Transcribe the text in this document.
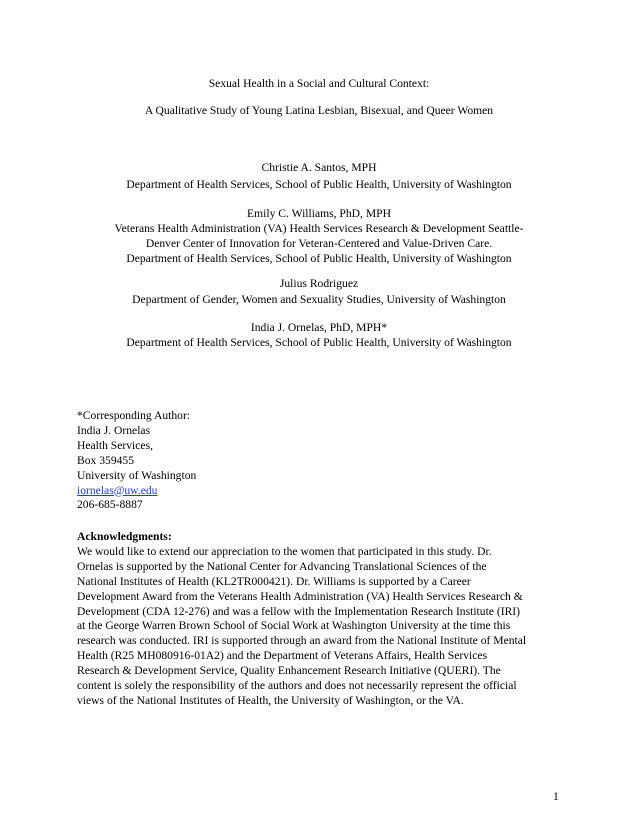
Sexual Health in a Social and Cultural Context:
A Qualitative Study of Young Latina Lesbian, Bisexual, and Queer Women
Christie A. Santos, MPH
Department of Health Services, School of Public Health, University of Washington
Emily C. Williams, PhD, MPH
Veterans Health Administration (VA) Health Services Research & Development Seattle-
Denver Center of Innovation for Veteran-Centered and Value-Driven Care.
Department of Health Services, School of Public Health, University of Washington
Julius Rodriguez
Department of Gender, Women and Sexuality Studies, University of Washington
India J. Ornelas, PhD, MPH*
Department of Health Services, School of Public Health, University of Washington
*Corresponding Author:
India J. Ornelas
Health Services,
Box 359455
University of Washington
iornelas@uw.edu
206-685-8887
Acknowledgments:
We would like to extend our appreciation to the women that participated in this study. Dr.
Ornelas is supported by the National Center for Advancing Translational Sciences of the
National Institutes of Health (KL2TR000421). Dr. Williams is supported by a Career
Development Award from the Veterans Health Administration (VA) Health Services Research &
Development (CDA 12-276) and was a fellow with the Implementation Research Institute (IRI)
at the George Warren Brown School of Social Work at Washington University at the time this
research was conducted. IRI is supported through an award from the National Institute of Mental
Health (R25 MH080916-01A2) and the Department of Veterans Affairs, Health Services
Research & Development Service, Quality Enhancement Research Initiative (QUERI). The
content is solely the responsibility of the authors and does not necessarily represent the official
views of the National Institutes of Health, the University of Washington, or the VA.
1
